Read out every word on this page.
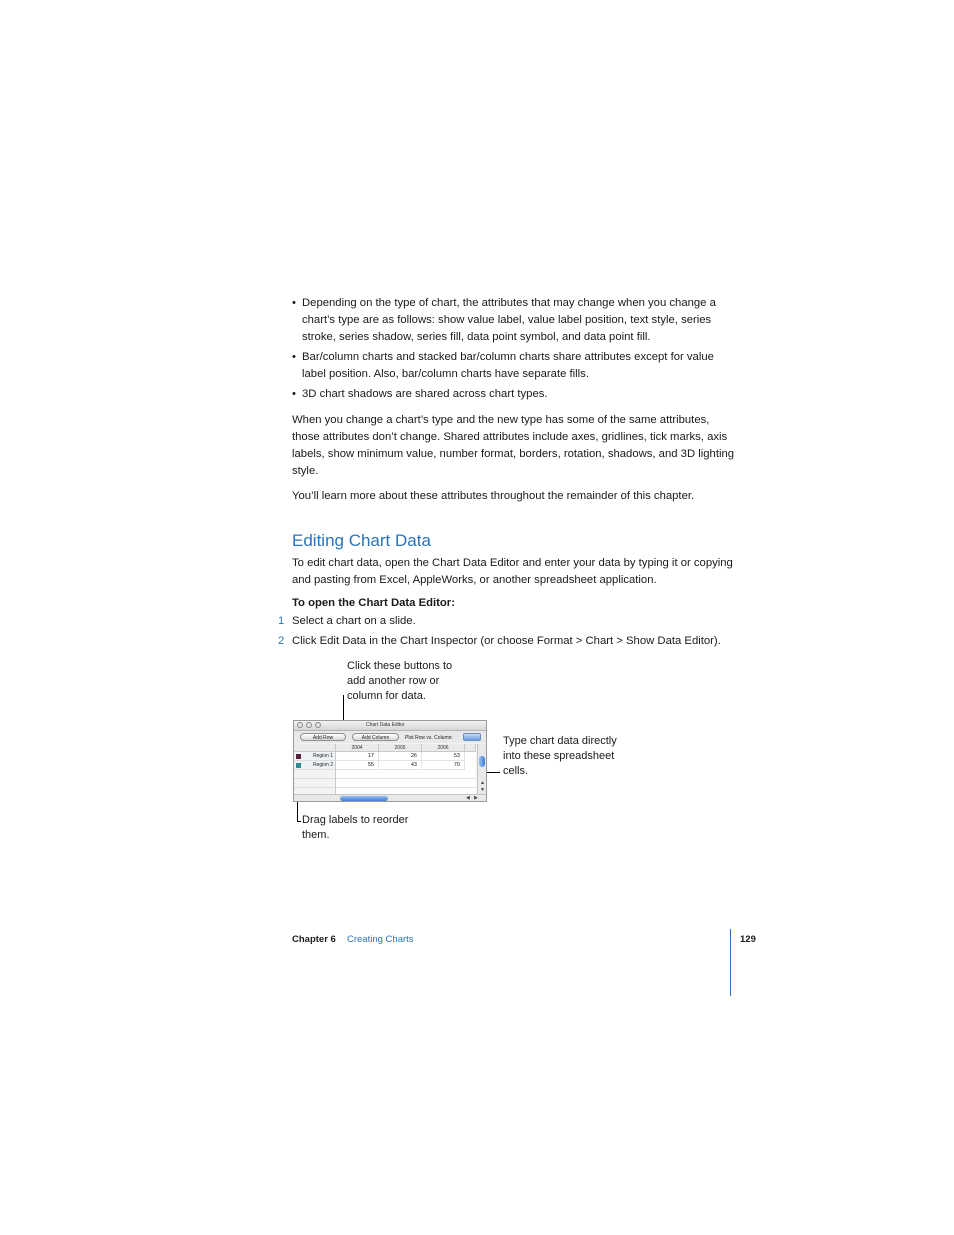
• Depending on the type of chart, the attributes that may change when you change a chart’s type are as follows: show value label, value label position, text style, series stroke, series shadow, series fill, data point symbol, and data point fill.
• Bar/column charts and stacked bar/column charts share attributes except for value label position. Also, bar/column charts have separate fills.
• 3D chart shadows are shared across chart types.

When you change a chart’s type and the new type has some of the same attributes, those attributes don’t change. Shared attributes include axes, gridlines, tick marks, axis labels, show minimum value, number format, borders, rotation, shadows, and 3D lighting style.

You’ll learn more about these attributes throughout the remainder of this chapter.

Editing Chart Data

To edit chart data, open the Chart Data Editor and enter your data by typing it or copying and pasting from Excel, AppleWorks, or another spreadsheet application.

To open the Chart Data Editor:
1 Select a chart on a slide.
2 Click Edit Data in the Chart Inspector (or choose Format > Chart > Show Data Editor).
Click these buttons to add another row or column for data.
Type chart data directly into these spreadsheet cells.
Drag labels to reorder them.
Chart Data Editor
Add Row	Add Column	Plot Row vs. Column:
2004	2005	2006
Region 1	17	26	53
Region 2	55	43	70
▲
▼
◀ ▶
Chapter 6 Creating Charts	129
